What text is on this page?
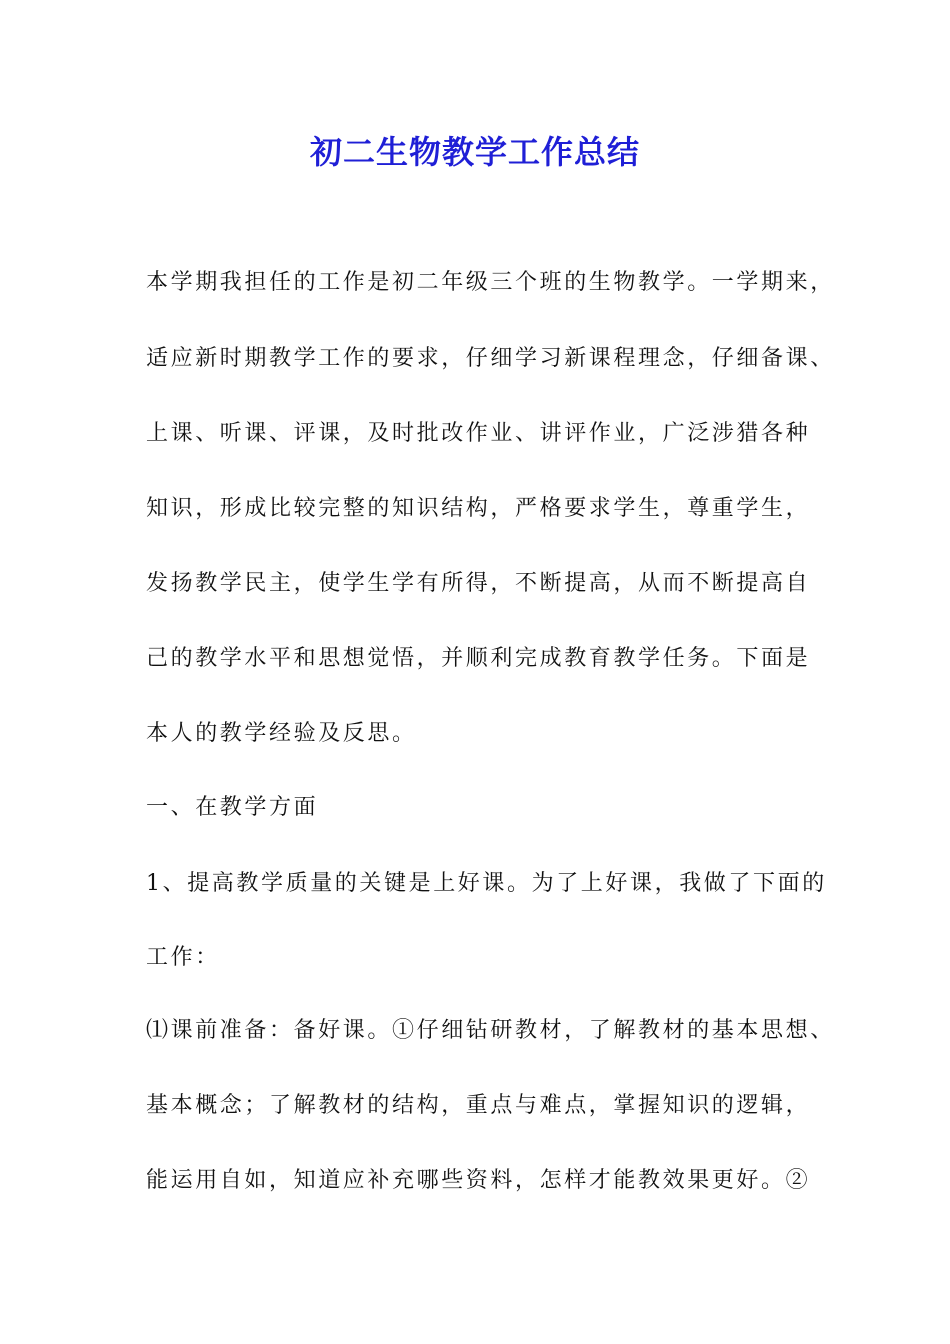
初二生物教学工作总结
本学期我担任的工作是初二年级三个班的生物教学。一学期来，
适应新时期教学工作的要求，仔细学习新课程理念，仔细备课、
上课、听课、评课，及时批改作业、讲评作业，广泛涉猎各种
知识，形成比较完整的知识结构，严格要求学生，尊重学生，
发扬教学民主，使学生学有所得，不断提高，从而不断提高自
己的教学水平和思想觉悟，并顺利完成教育教学任务。下面是
本人的教学经验及反思。
一、在教学方面
1、提高教学质量的关键是上好课。为了上好课，我做了下面的
工作：
⑴课前准备：备好课。①仔细钻研教材，了解教材的基本思想、
基本概念；了解教材的结构，重点与难点，掌握知识的逻辑，
能运用自如，知道应补充哪些资料，怎样才能教效果更好。②
